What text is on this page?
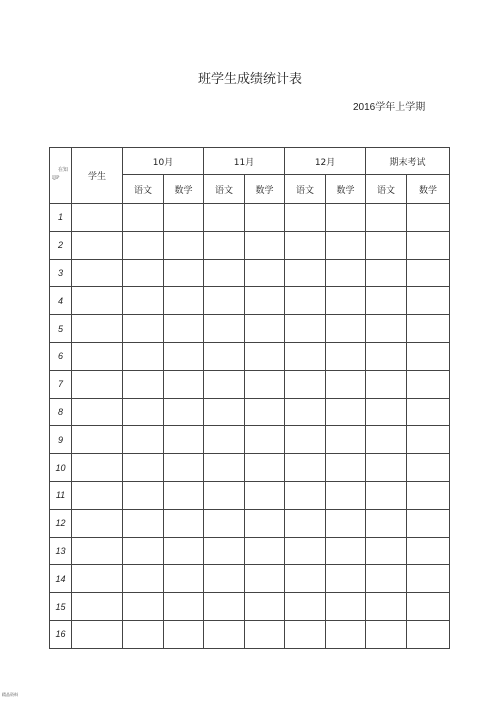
班学生成绩统计表
2016学年上学期
在知
IJP	学生	10月		11月		12月		期末考试	
		语文	数学	语文	数学	语文	数学	语文	数学
1									
2									
3									
4									
5									
6									
7									
8									
9									
10									
11									
12									
13									
14									
15									
16									
精品资料
